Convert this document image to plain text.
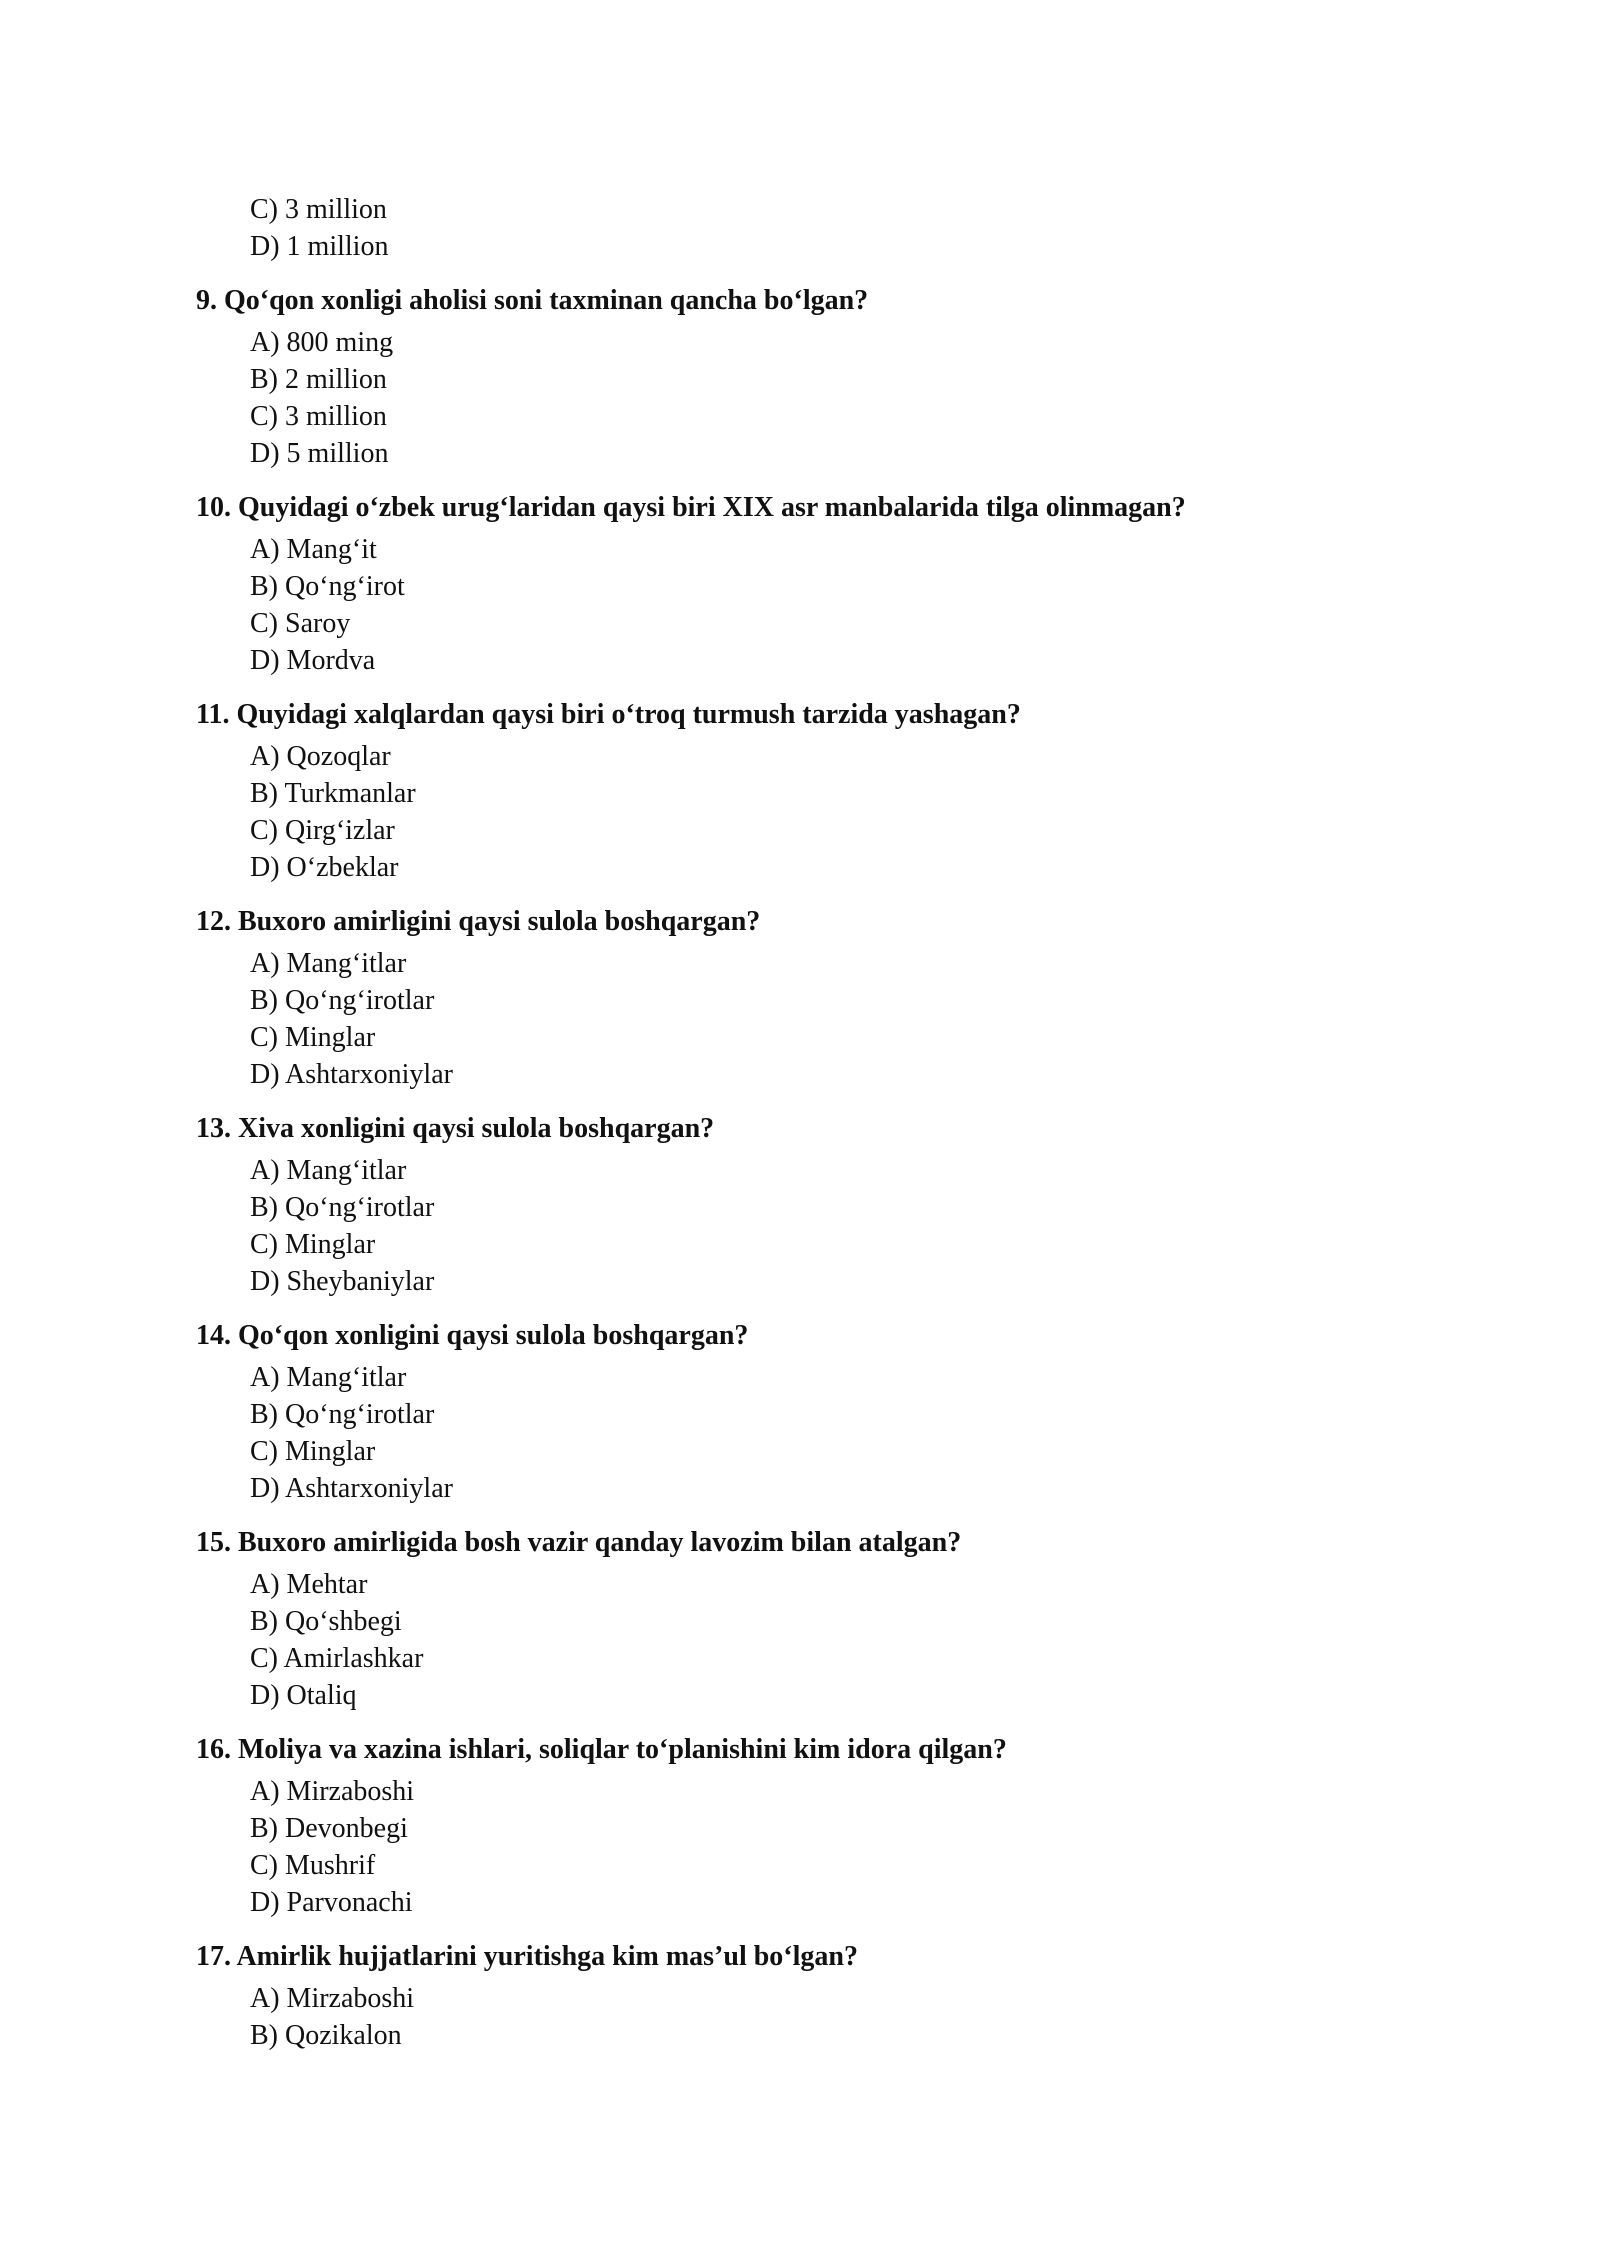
C) 3 million
D) 1 million
9. Qo‘qon xonligi aholisi soni taxminan qancha bo‘lgan?
A) 800 ming
B) 2 million
C) 3 million
D) 5 million
10. Quyidagi o‘zbek urug‘laridan qaysi biri XIX asr manbalarida tilga olinmagan?
A) Mang‘it
B) Qo‘ng‘irot
C) Saroy
D) Mordva
11. Quyidagi xalqlardan qaysi biri o‘troq turmush tarzida yashagan?
A) Qozoqlar
B) Turkmanlar
C) Qirg‘izlar
D) O‘zbeklar
12. Buxoro amirligini qaysi sulola boshqargan?
A) Mang‘itlar
B) Qo‘ng‘irotlar
C) Minglar
D) Ashtarxoniylar
13. Xiva xonligini qaysi sulola boshqargan?
A) Mang‘itlar
B) Qo‘ng‘irotlar
C) Minglar
D) Sheybaniylar
14. Qo‘qon xonligini qaysi sulola boshqargan?
A) Mang‘itlar
B) Qo‘ng‘irotlar
C) Minglar
D) Ashtarxoniylar
15. Buxoro amirligida bosh vazir qanday lavozim bilan atalgan?
A) Mehtar
B) Qo‘shbegi
C) Amirlashkar
D) Otaliq
16. Moliya va xazina ishlari, soliqlar to‘planishini kim idora qilgan?
A) Mirzaboshi
B) Devonbegi
C) Mushrif
D) Parvonachi
17. Amirlik hujjatlarini yuritishga kim mas’ul bo‘lgan?
A) Mirzaboshi
B) Qozikalon
